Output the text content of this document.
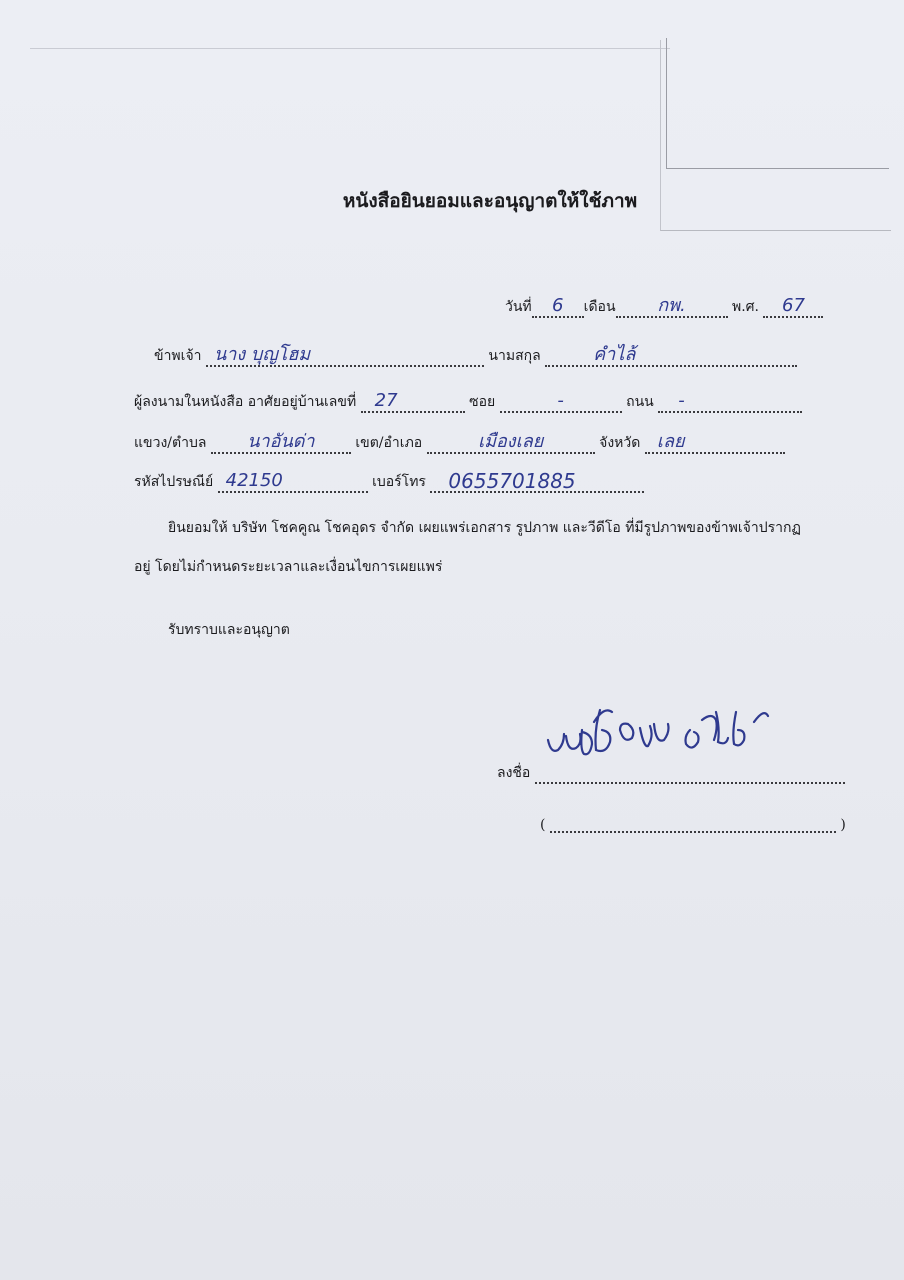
หนังสือยินยอมและอนุญาตให้ใช้ภาพ
วันที่	6	เดือน	กพ.	พ.ศ.	67
ข้าพเจ้า นาง บุญโฮม	นามสกุล	คำไล้
ผู้ลงนามในหนังสือ อาศัยอยู่บ้านเลขที่	27	ซอย	-	ถนน	-
แขวง/ตำบล	นาอันด่า	เขต/อำเภอ	เมืองเลย	จังหวัด เลย
รหัสไปรษณีย์ 42150	เบอร์โทร	0655701885
ยินยอมให้ บริษัท โชคคูณ โชคอุดร จำกัด เผยแพร่เอกสาร รูปภาพ และวีดีโอ ที่มีรูปภาพของข้าพเจ้าปรากฏ
อยู่ โดยไม่กำหนดระยะเวลาและเงื่อนไขการเผยแพร่
รับทราบและอนุญาต
ลงชื่อ
(	)
